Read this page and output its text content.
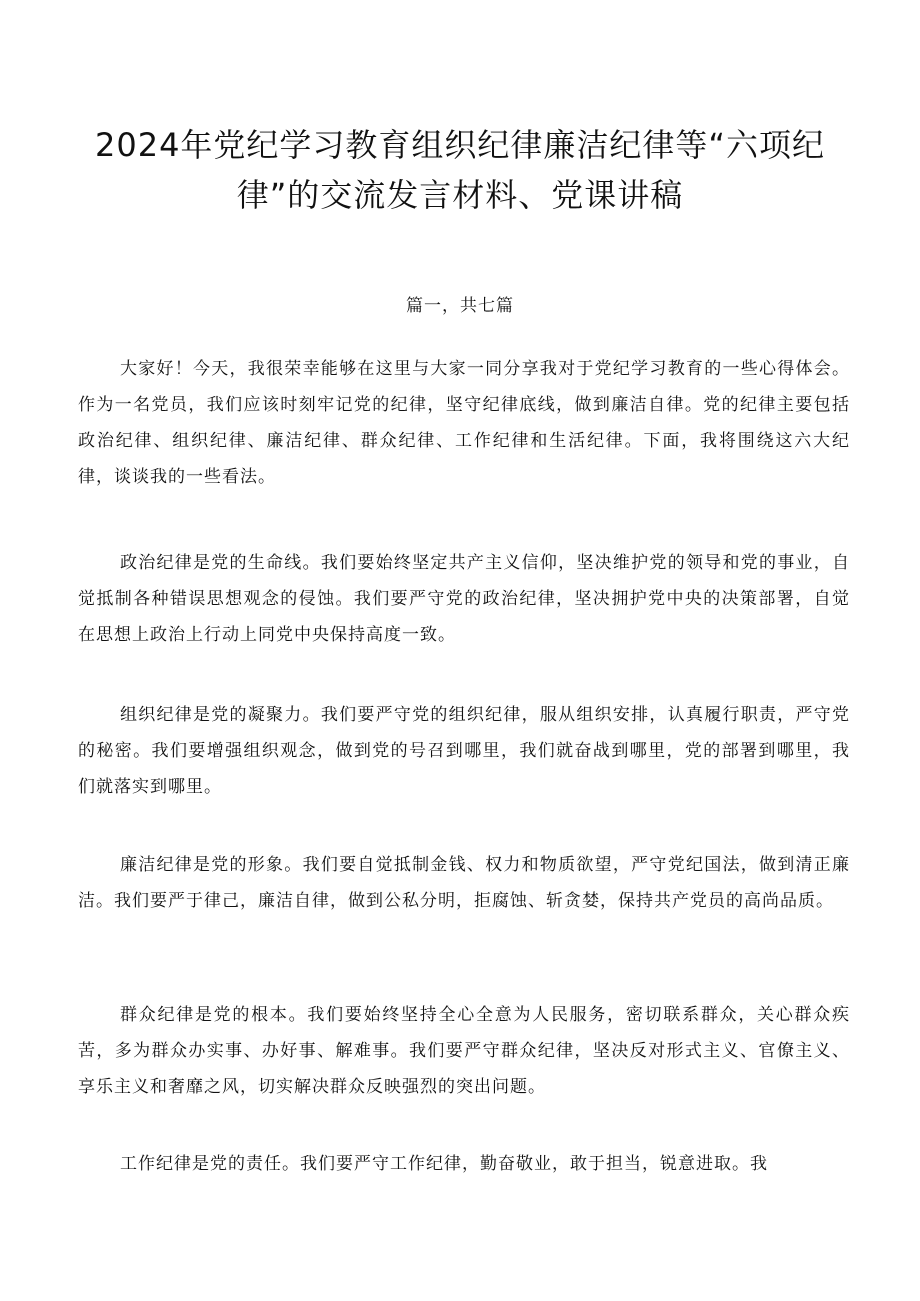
2024年党纪学习教育组织纪律廉洁纪律等“六项纪律”的交流发言材料、党课讲稿

篇一，共七篇

大家好！今天，我很荣幸能够在这里与大家一同分享我对于党纪学习教育的一些心得体会。作为一名党员，我们应该时刻牢记党的纪律，坚守纪律底线，做到廉洁自律。党的纪律主要包括政治纪律、组织纪律、廉洁纪律、群众纪律、工作纪律和生活纪律。下面，我将围绕这六大纪律，谈谈我的一些看法。

政治纪律是党的生命线。我们要始终坚定共产主义信仰，坚决维护党的领导和党的事业，自觉抵制各种错误思想观念的侵蚀。我们要严守党的政治纪律，坚决拥护党中央的决策部署，自觉在思想上政治上行动上同党中央保持高度一致。

组织纪律是党的凝聚力。我们要严守党的组织纪律，服从组织安排，认真履行职责，严守党的秘密。我们要增强组织观念，做到党的号召到哪里，我们就奋战到哪里，党的部署到哪里，我们就落实到哪里。

廉洁纪律是党的形象。我们要自觉抵制金钱、权力和物质欲望，严守党纪国法，做到清正廉洁。我们要严于律己，廉洁自律，做到公私分明，拒腐蚀、斩贪婪，保持共产党员的高尚品质。

群众纪律是党的根本。我们要始终坚持全心全意为人民服务，密切联系群众，关心群众疾苦，多为群众办实事、办好事、解难事。我们要严守群众纪律，坚决反对形式主义、官僚主义、享乐主义和奢靡之风，切实解决群众反映强烈的突出问题。

工作纪律是党的责任。我们要严守工作纪律，勤奋敬业，敢于担当，锐意进取。我
